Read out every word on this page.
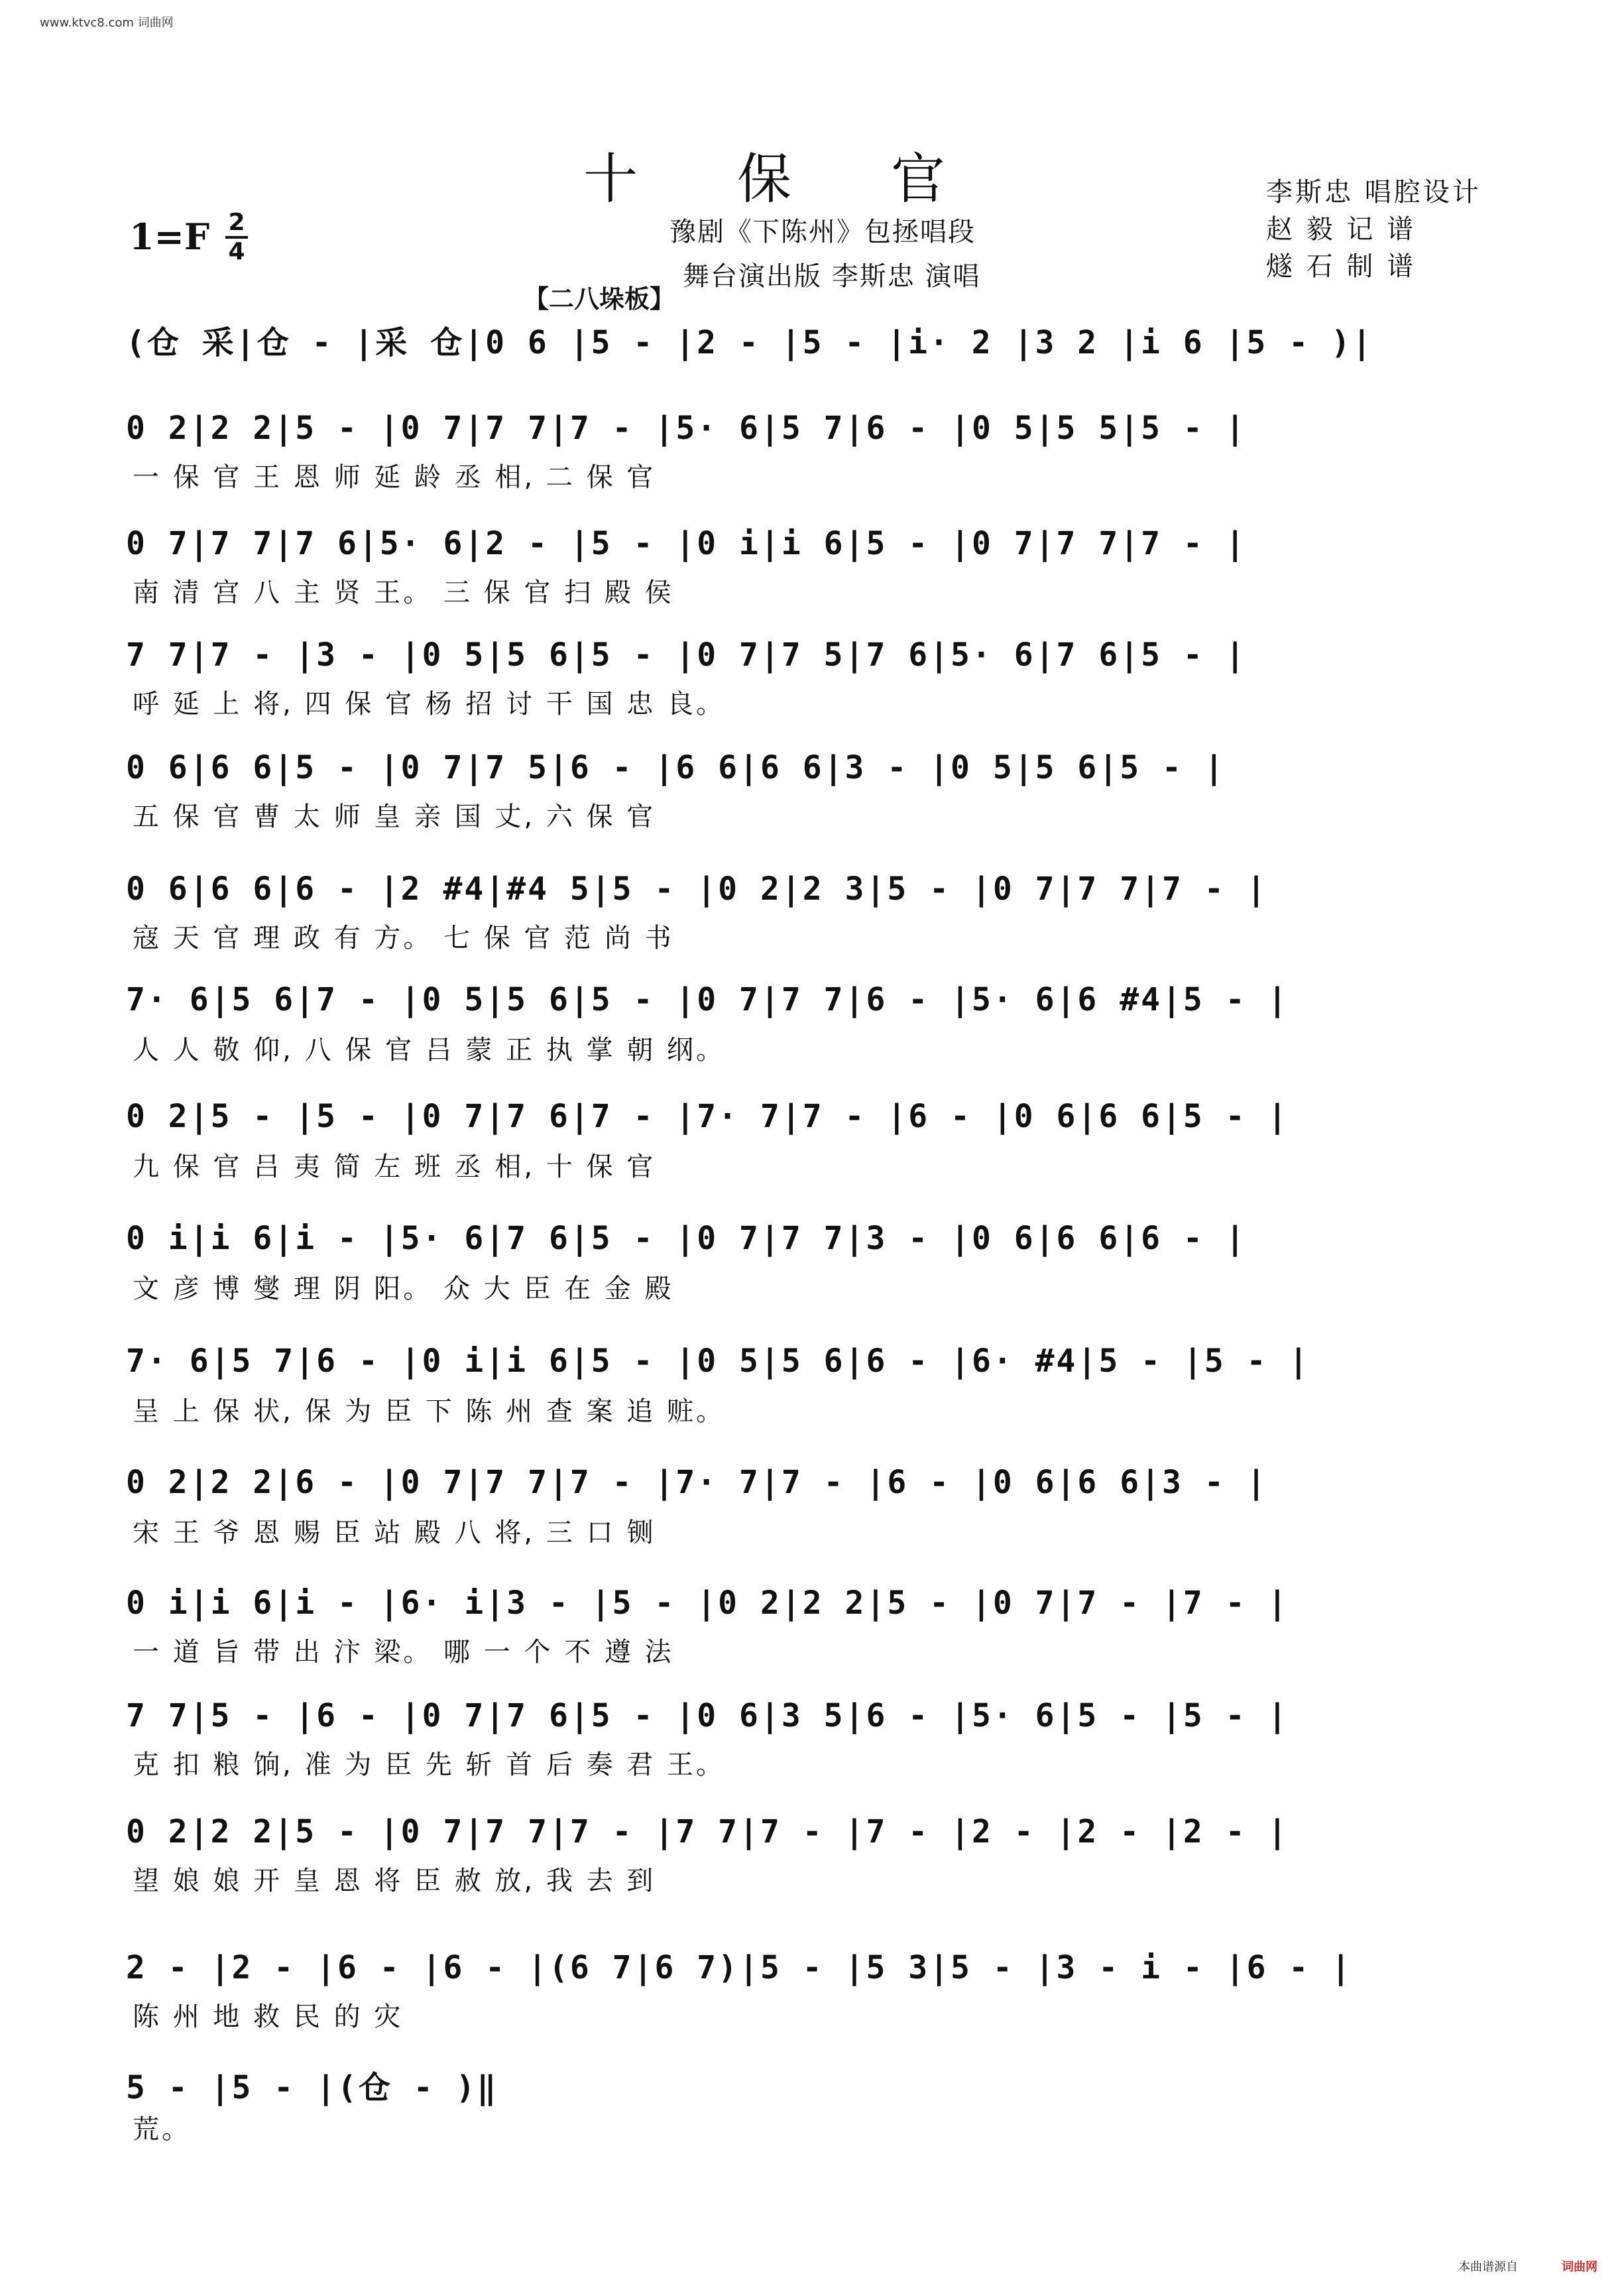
www.ktvc8.com 词曲网
十保官
豫剧《下陈州》包拯唱段
舞台演出版 李斯忠 演唱
1=F 2
4
李斯忠 唱腔设计
赵 毅 记 谱
燧 石 制 谱
【二八垛板】
(仓 采|仓 - |采 仓|0 6 |5 - |2 - |5 - |i· 2 |3 2 |i 6 |5 - )|
0 2|2 2|5 - |0 7|7 7|7 - |5· 6|5 7|6 - |0 5|5 5|5 - |
一 保 官 王 恩 师 延 龄 丞 相, 二 保 官
0 7|7 7|7 6|5· 6|2 - |5 - |0 i|i 6|5 - |0 7|7 7|7 - |
南 清 宫 八 主 贤 王。 三 保 官 扫 殿 侯
7 7|7 - |3 - |0 5|5 6|5 - |0 7|7 5|7 6|5· 6|7 6|5 - |
呼 延 上 将, 四 保 官 杨 招 讨 干 国 忠 良。
0 6|6 6|5 - |0 7|7 5|6 - |6 6|6 6|3 - |0 5|5 6|5 - |
五 保 官 曹 太 师 皇 亲 国 丈, 六 保 官
0 6|6 6|6 - |2 #4|#4 5|5 - |0 2|2 3|5 - |0 7|7 7|7 - |
寇 天 官 理 政 有 方。 七 保 官 范 尚 书
7· 6|5 6|7 - |0 5|5 6|5 - |0 7|7 7|6 - |5· 6|6 #4|5 - |
人 人 敬 仰, 八 保 官 吕 蒙 正 执 掌 朝 纲。
0 2|5 - |5 - |0 7|7 6|7 - |7· 7|7 - |6 - |0 6|6 6|5 - |
九 保 官 吕 夷 简 左 班 丞 相, 十 保 官
0 i|i 6|i - |5· 6|7 6|5 - |0 7|7 7|3 - |0 6|6 6|6 - |
文 彦 博 燮 理 阴 阳。 众 大 臣 在 金 殿
7· 6|5 7|6 - |0 i|i 6|5 - |0 5|5 6|6 - |6· #4|5 - |5 - |
呈 上 保 状, 保 为 臣 下 陈 州 查 案 追 赃。
0 2|2 2|6 - |0 7|7 7|7 - |7· 7|7 - |6 - |0 6|6 6|3 - |
宋 王 爷 恩 赐 臣 站 殿 八 将, 三 口 铡
0 i|i 6|i - |6· i|3 - |5 - |0 2|2 2|5 - |0 7|7 - |7 - |
一 道 旨 带 出 汴 梁。 哪 一 个 不 遵 法
7 7|5 - |6 - |0 7|7 6|5 - |0 6|3 5|6 - |5· 6|5 - |5 - |
克 扣 粮 饷, 准 为 臣 先 斩 首 后 奏 君 王。
0 2|2 2|5 - |0 7|7 7|7 - |7 7|7 - |7 - |2 - |2 - |2 - |
望 娘 娘 开 皇 恩 将 臣 赦 放, 我 去 到
2 - |2 - |6 - |6 - |(6 7|6 7)|5 - |5 3|5 - |3 - i - |6 - |
陈 州 地 救 民 的 灾
5 - |5 - |(仓 - )‖
荒。
本曲谱源自	词曲网
